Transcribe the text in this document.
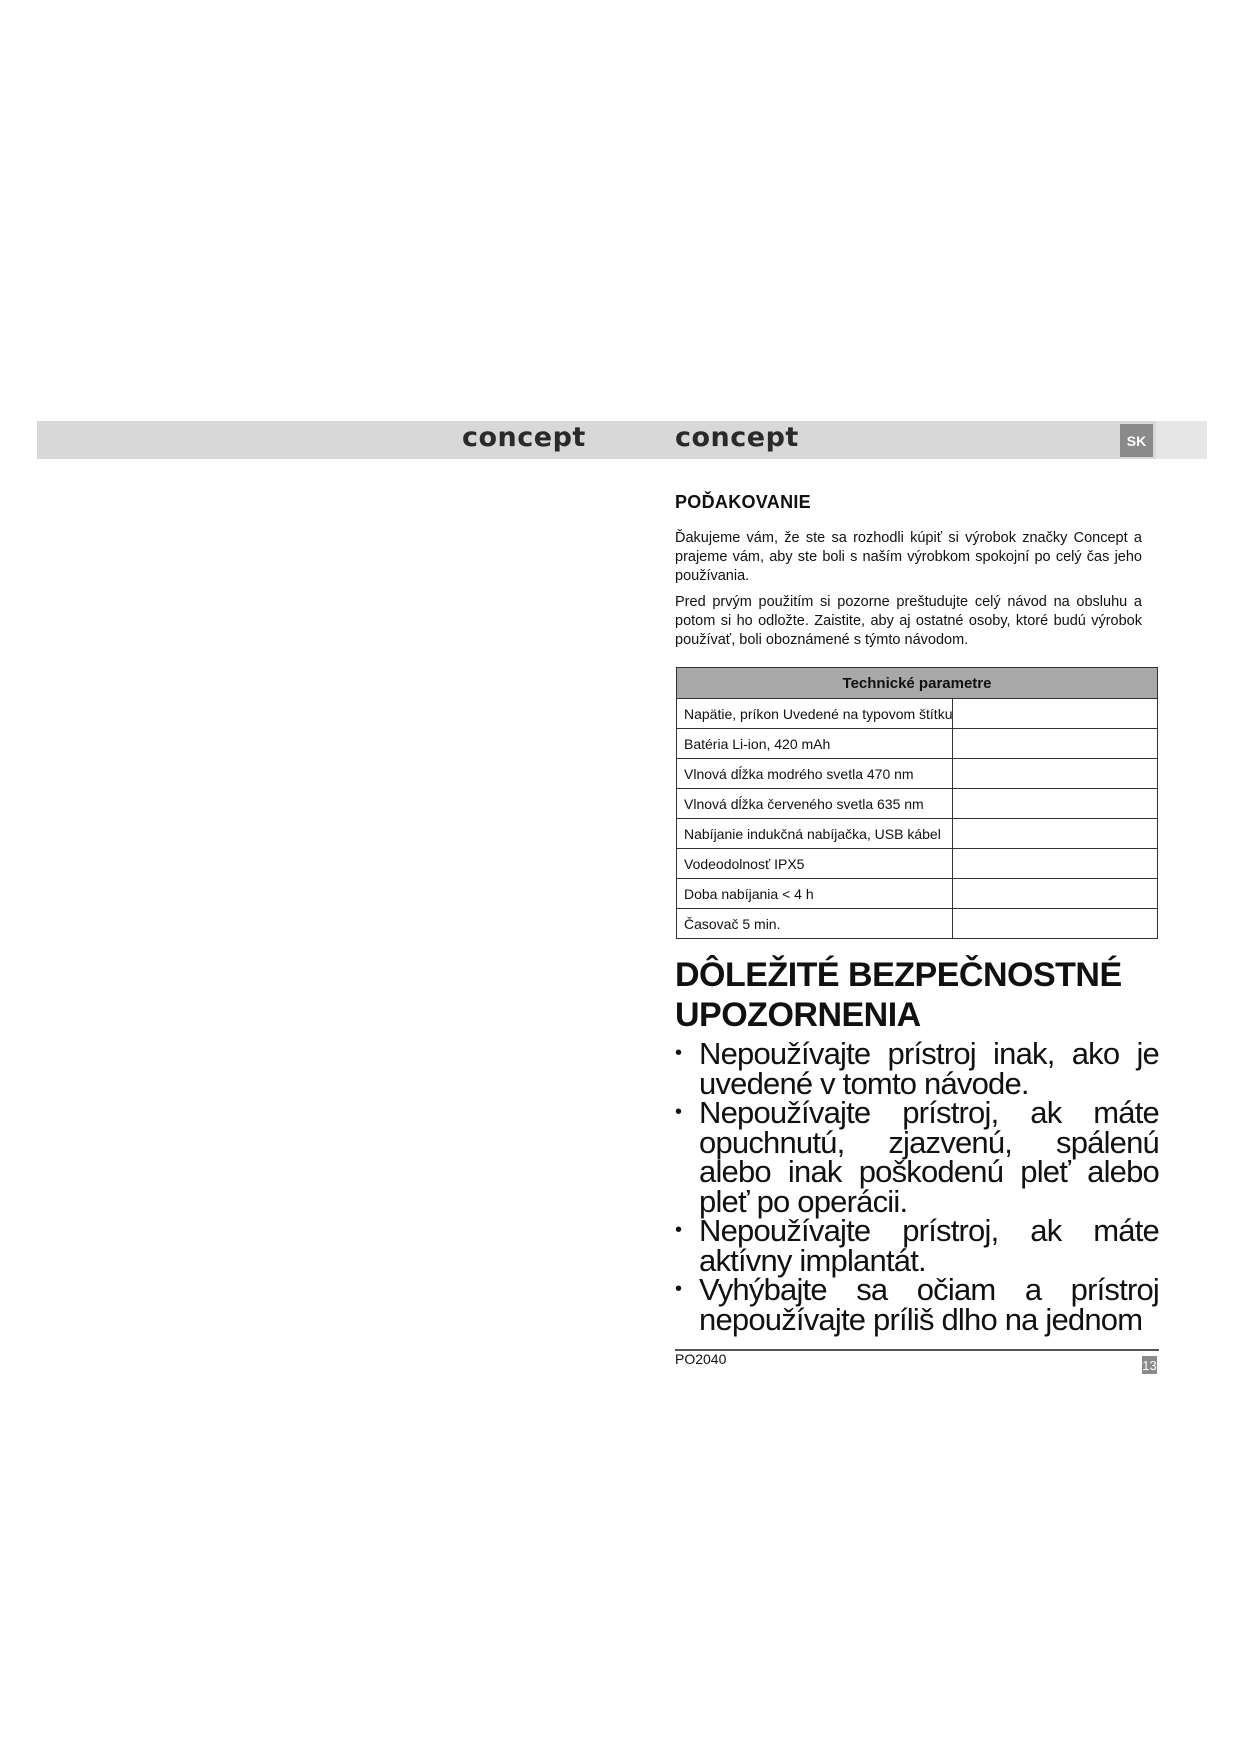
concept	concept	SK
POĎAKOVANIE

Ďakujeme vám, že ste sa rozhodli kúpiť si výrobok značky Concept a prajeme vám, aby ste boli s naším výrobkom spokojní po celý čas jeho používania.

Pred prvým použitím si pozorne preštudujte celý návod na obsluhu a potom si ho odložte. Zaistite, aby aj ostatné osoby, ktoré budú výrobok používať, boli oboznámené s týmto návodom.

Technické parametre	
Napätie, príkon Uvedené na typovom štítku	
Batéria Li-ion, 420 mAh	
Vlnová dĺžka modrého svetla 470 nm	
Vlnová dĺžka červeného svetla 635 nm	
Nabíjanie indukčná nabíjačka, USB kábel	
Vodeodolnosť IPX5	
Doba nabíjania < 4 h	
Časovač 5 min.	
DÔLEŽITÉ BEZPEČNOSTNÉ
UPOZORNENIA
• Nepoužívajte prístroj inak, ako je uvedené v tomto návode.
• Nepoužívajte prístroj, ak máte opuchnutú, zjazvenú, spálenú alebo inak poškodenú pleť alebo pleť po operácii.
• Nepoužívajte prístroj, ak máte aktívny implantát.
• Vyhýbajte sa očiam a prístroj nepoužívajte príliš dlho na jednom
PO2040	13
